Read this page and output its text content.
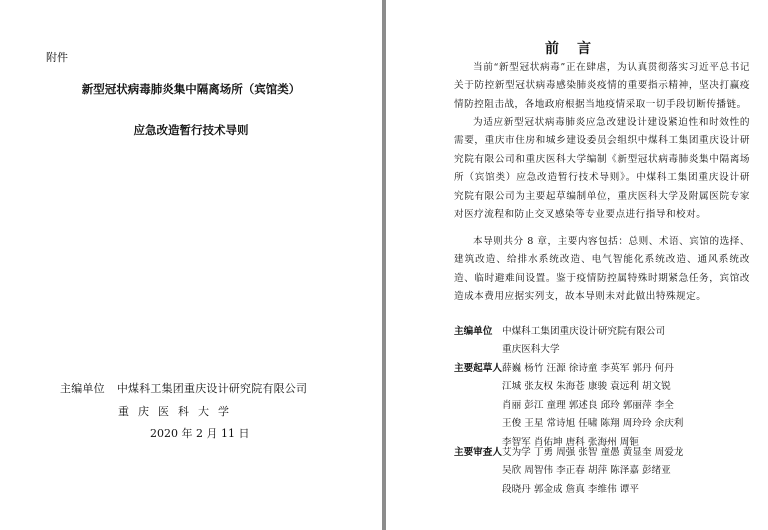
附件
新型冠状病毒肺炎集中隔离场所（宾馆类）
应急改造暂行技术导则
主编单位 中煤科工集团重庆设计研究院有限公司
重庆医科大学
2020 年 2 月 11 日
前言
当前“新型冠状病毒”正在肆虐，为认真贯彻落实习近平总书记关于防控新型冠状病毒感染肺炎疫情的重要指示精神，坚决打赢疫情防控阻击战，各地政府根据当地疫情采取一切手段切断传播链。
为适应新型冠状病毒肺炎应急改建设计建设紧迫性和时效性的需要，重庆市住房和城乡建设委员会组织中煤科工集团重庆设计研究院有限公司和重庆医科大学编制《新型冠状病毒肺炎集中隔离场所（宾馆类）应急改造暂行技术导则》。中煤科工集团重庆设计研究院有限公司为主要起草编制单位，重庆医科大学及附属医院专家对医疗流程和防止交叉感染等专业要点进行指导和校对。
本导则共分 8 章，主要内容包括：总则、术语、宾馆的选择、建筑改造、给排水系统改造、电气智能化系统改造、通风系统改造、临时避难间设置。鉴于疫情防控属特殊时期紧急任务，宾馆改造成本费用应据实列支，故本导则未对此做出特殊规定。
主编单位	中煤科工集团重庆设计研究院有限公司
重庆医科大学
主要起草人 薛巍 杨竹 汪源 徐诗童 李英军 郭丹 何丹
江城 张友权 朱海苍 康骏 袁远利 胡文锐
肖丽 彭江 童理 郭述良 邱玲 郭丽萍 李全
王俊 王星 常诗旭 任啸 陈翔 周玲玲 余庆利
李智军 肖佑坤 唐科 张海州 周钷
主要审查人 艾为学 丁勇 周强 张智 童愚 黄显奎 周爱龙
吴欣 周智伟 李正春 胡萍 陈泽嘉 彭绪亚
段晓丹 郭金成 詹真 李维伟 谭平
